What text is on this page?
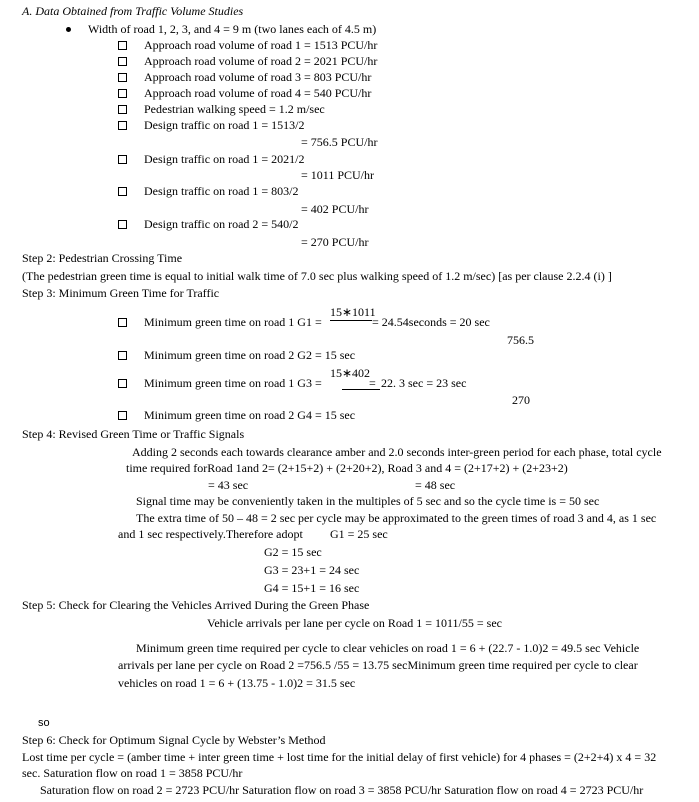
A. Data Obtained from Traffic Volume Studies
Width of road 1, 2, 3, and 4 = 9 m (two lanes each of 4.5 m)
Approach road volume of road 1 = 1513 PCU/hr
Approach road volume of road 2 = 2021 PCU/hr
Approach road volume of road 3 = 803 PCU/hr
Approach road volume of road 4 = 540 PCU/hr
Pedestrian walking speed = 1.2 m/sec
Design traffic on road 1 = 1513/2
= 756.5 PCU/hr
Design traffic on road 1 = 2021/2
= 1011 PCU/hr
Design traffic on road 1 = 803/2
= 402 PCU/hr
Design traffic on road 2 = 540/2
= 270 PCU/hr
Step 2: Pedestrian Crossing Time
(The pedestrian green time is equal to initial walk time of 7.0 sec plus walking speed of 1.2 m/sec) [as per clause 2.2.4 (i) ]
Step 3: Minimum Green Time for Traffic
15∗1011
Minimum green time on road 1 G1 =	= 24.54seconds = 20 sec
756.5
Minimum green time on road 2 G2 = 15 sec
15∗402
Minimum green time on road 1 G3 =	= 22. 3 sec = 23 sec
270
Minimum green time on road 2 G4 = 15 sec
Step 4: Revised Green Time or Traffic Signals
Adding 2 seconds each towards clearance amber and 2.0 seconds inter-green period for each phase, total cycle
time required forRoad 1and 2= (2+15+2) + (2+20+2), Road 3 and 4 = (2+17+2) + (2+23+2)
= 43 sec	= 48 sec
Signal time may be conveniently taken in the multiples of 5 sec and so the cycle time is = 50 sec
The extra time of 50 – 48 = 2 sec per cycle may be approximated to the green times of road 3 and 4, as 1 sec
and 1 sec respectively.Therefore adopt G1 = 25 sec
G2 = 15 sec
G3 = 23+1 = 24 sec
G4 = 15+1 = 16 sec
Step 5: Check for Clearing the Vehicles Arrived During the Green Phase
Vehicle arrivals per lane per cycle on Road 1 = 1011/55 = sec
Minimum green time required per cycle to clear vehicles on road 1 = 6 + (22.7 - 1.0)2 = 49.5 sec Vehicle
arrivals per lane per cycle on Road 2 =756.5 /55 = 13.75 secMinimum green time required per cycle to clear
vehicles on road 1 = 6 + (13.75 - 1.0)2 = 31.5 sec
so
Step 6: Check for Optimum Signal Cycle by Webster’s Method
Lost time per cycle = (amber time + inter green time + lost time for the initial delay of first vehicle) for 4 phases = (2+2+4) x 4 = 32
sec. Saturation flow on road 1 = 3858 PCU/hr
Saturation flow on road 2 = 2723 PCU/hr Saturation flow on road 3 = 3858 PCU/hr Saturation flow on road 4 = 2723 PCU/hr
